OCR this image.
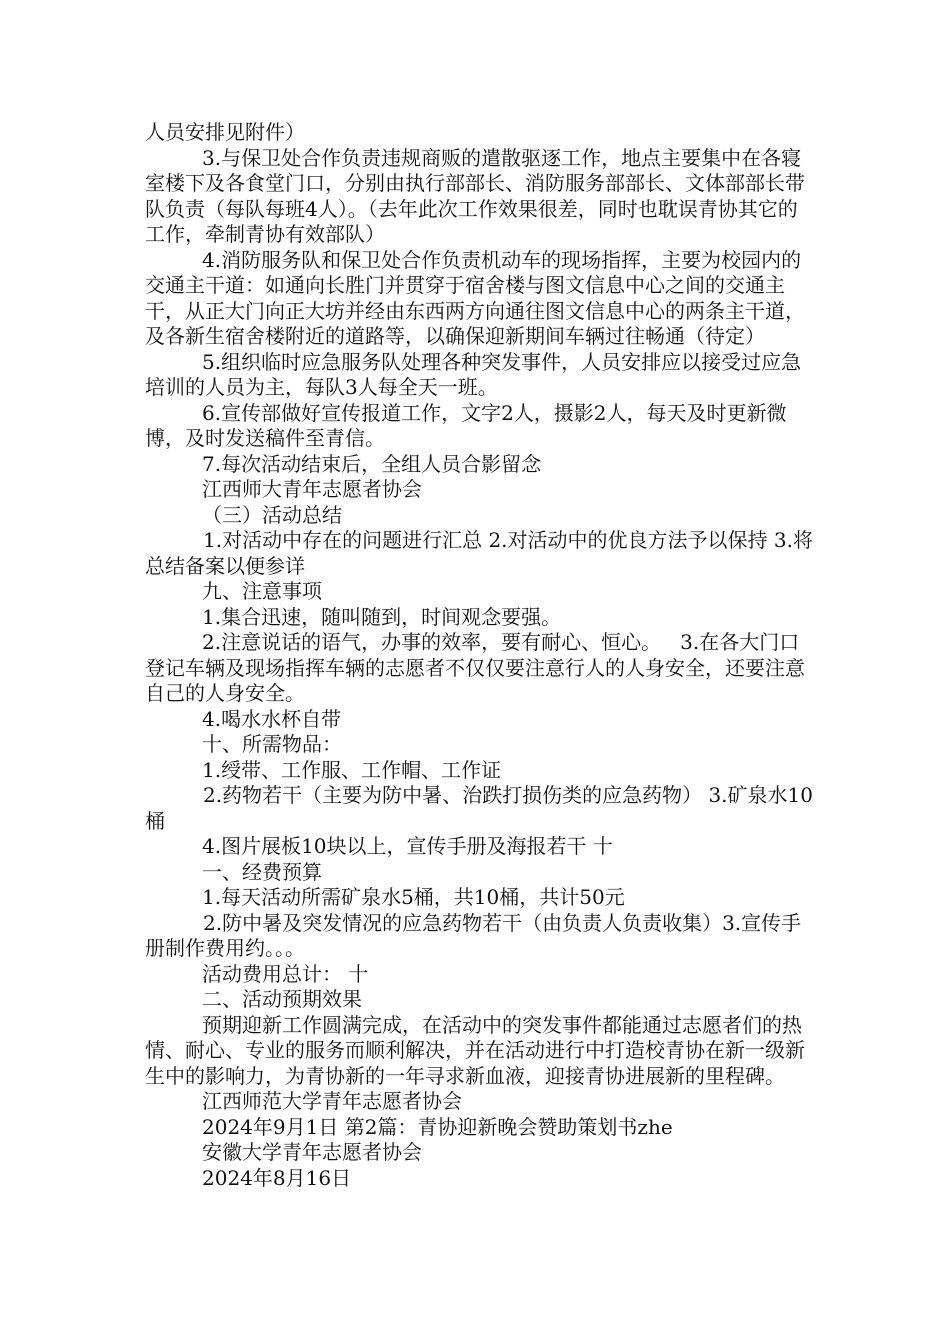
人员安排见附件）

3.与保卫处合作负责违规商贩的遣散驱逐工作，地点主要集中在各寝室楼下及各食堂门口，分别由执行部部长、消防服务部部长、文体部部长带队负责（每队每班4人）。（去年此次工作效果很差，同时也耽误青协其它的工作，牵制青协有效部队）

4.消防服务队和保卫处合作负责机动车的现场指挥，主要为校园内的交通主干道：如通向长胜门并贯穿于宿舍楼与图文信息中心之间的交通主干，从正大门向正大坊并经由东西两方向通往图文信息中心的两条主干道，及各新生宿舍楼附近的道路等，以确保迎新期间车辆过往畅通（待定）

5.组织临时应急服务队处理各种突发事件，人员安排应以接受过应急培训的人员为主，每队3人每全天一班。

6.宣传部做好宣传报道工作，文字2人，摄影2人，每天及时更新微博，及时发送稿件至青信。

7.每次活动结束后，全组人员合影留念

江西师大青年志愿者协会

（三）活动总结

1.对活动中存在的问题进行汇总 2.对活动中的优良方法予以保持 3.将总结备案以便参详

九、注意事项

1.集合迅速，随叫随到，时间观念要强。

2.注意说话的语气，办事的效率，要有耐心、恒心。   3.在各大门口登记车辆及现场指挥车辆的志愿者不仅仅要注意行人的人身安全，还要注意自己的人身安全。

4.喝水水杯自带

十、所需物品：

1.绶带、工作服、工作帽、工作证

2.药物若干（主要为防中暑、治跌打损伤类的应急药物） 3.矿泉水10桶

4.图片展板10块以上，宣传手册及海报若干 十

一、经费预算

1.每天活动所需矿泉水5桶，共10桶，共计50元

2.防中暑及突发情况的应急药物若干（由负责人负责收集）3.宣传手册制作费用约。。。

活动费用总计： 十

二、活动预期效果

预期迎新工作圆满完成，在活动中的突发事件都能通过志愿者们的热情、耐心、专业的服务而顺利解决，并在活动进行中打造校青协在新一级新生中的影响力，为青协新的一年寻求新血液，迎接青协进展新的里程碑。

江西师范大学青年志愿者协会

2024年9月1日 第2篇：青协迎新晚会赞助策划书zhe

安徽大学青年志愿者协会

2024年8月16日
